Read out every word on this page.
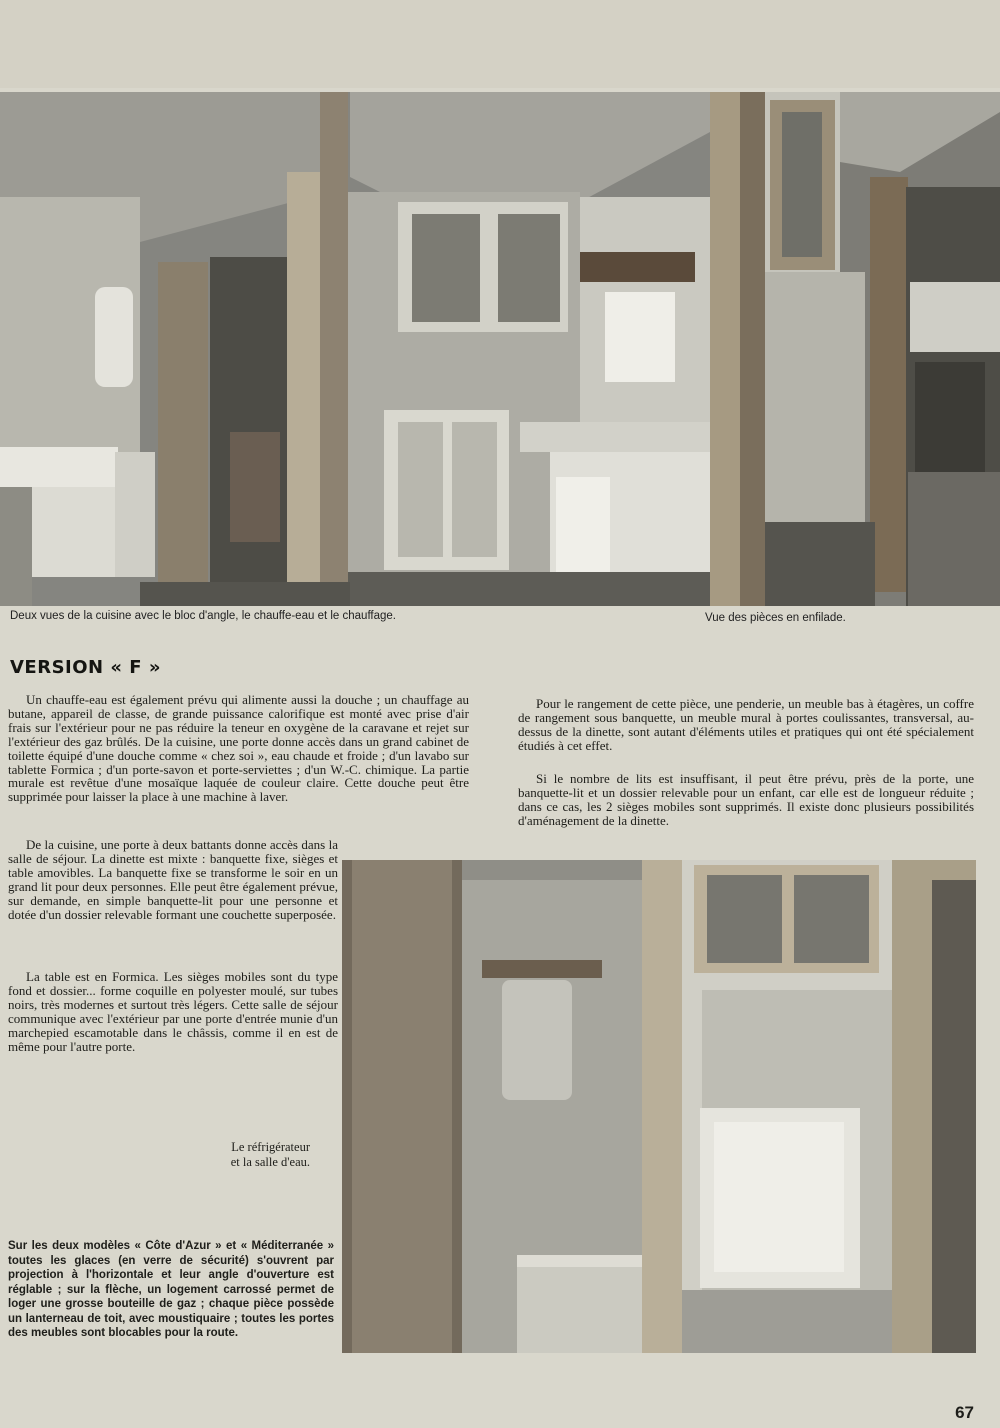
Deux vues de la cuisine avec le bloc d'angle, le chauffe-eau et le chauffage.	Vue des pièces en enfilade.
VERSION « F »

Un chauffe-eau est également prévu qui alimente aussi la douche ; un chauffage au butane, appareil de classe, de grande puissance calorifique est monté avec prise d'air frais sur l'extérieur pour ne pas réduire la teneur en oxygène de la caravane et rejet sur l'extérieur des gaz brûlés. De la cuisine, une porte donne accès dans un grand cabinet de toilette équipé d'une douche comme « chez soi », eau chaude et froide ; d'un lavabo sur tablette Formica ; d'un porte-savon et porte-serviettes ; d'un W.-C. chimique. La partie murale est revêtue d'une mosaïque laquée de couleur claire. Cette douche peut être supprimée pour laisser la place à une machine à laver.

De la cuisine, une porte à deux battants donne accès dans la salle de séjour. La dinette est mixte : banquette fixe, sièges et table amovibles. La banquette fixe se transforme le soir en un grand lit pour deux personnes. Elle peut être également prévue, sur demande, en simple banquette-lit pour une personne et dotée d'un dossier relevable formant une couchette superposée.

La table est en Formica. Les sièges mobiles sont du type fond et dossier... forme coquille en polyester moulé, sur tubes noirs, très modernes et surtout très légers. Cette salle de séjour communique avec l'extérieur par une porte d'entrée munie d'un marchepied escamotable dans le châssis, comme il en est de même pour l'autre porte.

Pour le rangement de cette pièce, une penderie, un meuble bas à étagères, un coffre de rangement sous banquette, un meuble mural à portes coulissantes, transversal, au-dessus de la dinette, sont autant d'éléments utiles et pratiques qui ont été spécialement étudiés à cet effet.

Si le nombre de lits est insuffisant, il peut être prévu, près de la porte, une banquette-lit et un dossier relevable pour un enfant, car elle est de longueur réduite ; dans ce cas, les 2 sièges mobiles sont supprimés. Il existe donc plusieurs possibilités d'aménagement de la dinette.

Le réfrigérateur
et la salle d'eau.

Sur les deux modèles « Côte d'Azur » et « Méditerranée » toutes les glaces (en verre de sécurité) s'ouvrent par projection à l'horizontale et leur angle d'ouverture est réglable ; sur la flèche, un logement carrossé permet de loger une grosse bouteille de gaz ; chaque pièce possède un lanterneau de toit, avec moustiquaire ; toutes les portes des meubles sont blocables pour la route.

67
